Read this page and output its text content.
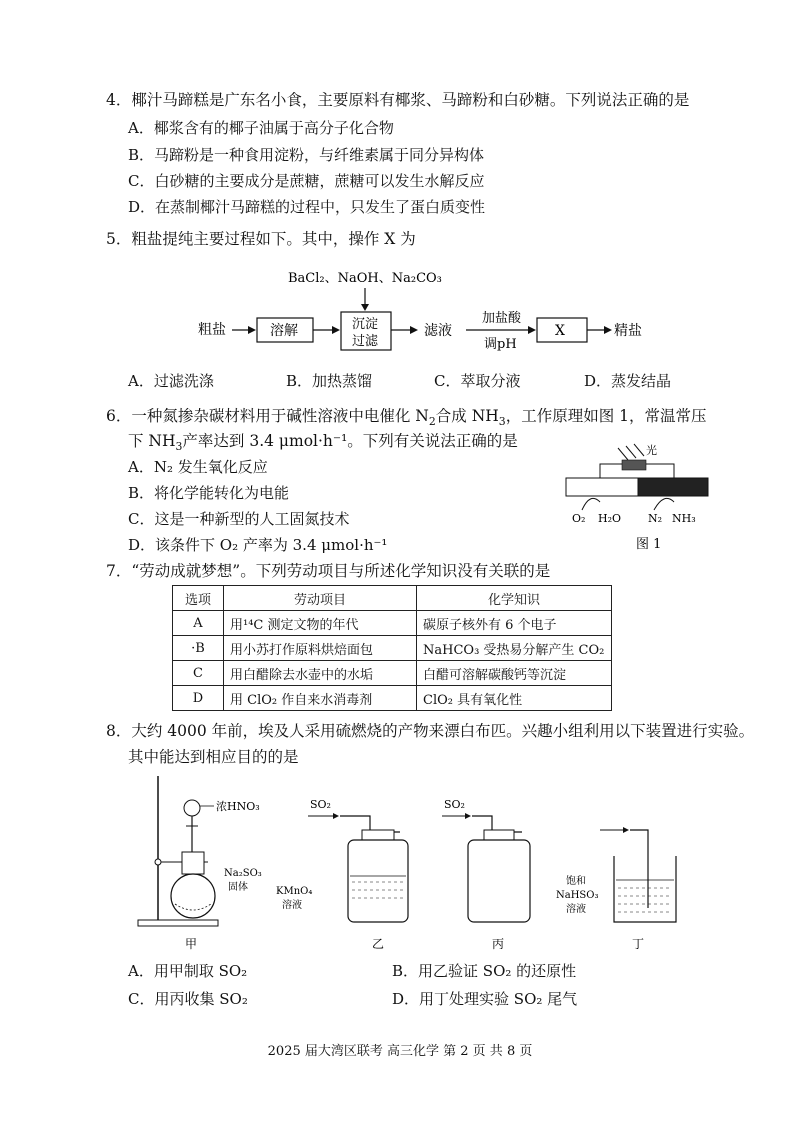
4．椰汁马蹄糕是广东名小食，主要原料有椰浆、马蹄粉和白砂糖。下列说法正确的是
A．椰浆含有的椰子油属于高分子化合物
B．马蹄粉是一种食用淀粉，与纤维素属于同分异构体
C．白砂糖的主要成分是蔗糖，蔗糖可以发生水解反应
D．在蒸制椰汁马蹄糕的过程中，只发生了蛋白质变性
5．粗盐提纯主要过程如下。其中，操作 X 为
BaCl₂、NaOH、Na₂CO₃
粗盐	溶解	沉淀
过滤
滤液
加盐酸
调pH
X	精盐
A．过滤洗涤	B．加热蒸馏	C．萃取分液	D．蒸发结晶
6．一种氮掺杂碳材料用于碱性溶液中电催化 $N_2$合成 $NH_3$，工作原理如图 1，常温常压
下 $NH_3$产率达到 3.4 μmol·h⁻¹。下列有关说法正确的是
A．N₂ 发生氧化反应
B．将化学能转化为电能
C．这是一种新型的人工固氮技术
D．该条件下 O₂ 产率为 3.4 μmol·h⁻¹
光
O₂ H₂O N₂ NH₃
图 1
7．“劳动成就梦想”。下列劳动项目与所述化学知识没有关联的是
选项	劳动项目	化学知识
A	用¹⁴C 测定文物的年代	碳原子核外有 6 个电子
·B	用小苏打作原料烘焙面包	NaHCO₃ 受热易分解产生 CO₂
C	用白醋除去水壶中的水垢	白醋可溶解碳酸钙等沉淀
D	用 ClO₂ 作自来水消毒剂	ClO₂ 具有氧化性
8．大约 4000 年前，埃及人采用硫燃烧的产物来漂白布匹。兴趣小组利用以下装置进行实验。
其中能达到相应目的的是
浓HNO₃
Na₂SO₃
固体
甲
SO₂
KMnO₄
溶液
乙
SO₂
丙
饱和
NaHSO₃
溶液
丁
A．用甲制取 SO₂	B．用乙验证 SO₂ 的还原性
C．用丙收集 SO₂	D．用丁处理实验 SO₂ 尾气
2025 届大湾区联考 高三化学 第 2 页 共 8 页
